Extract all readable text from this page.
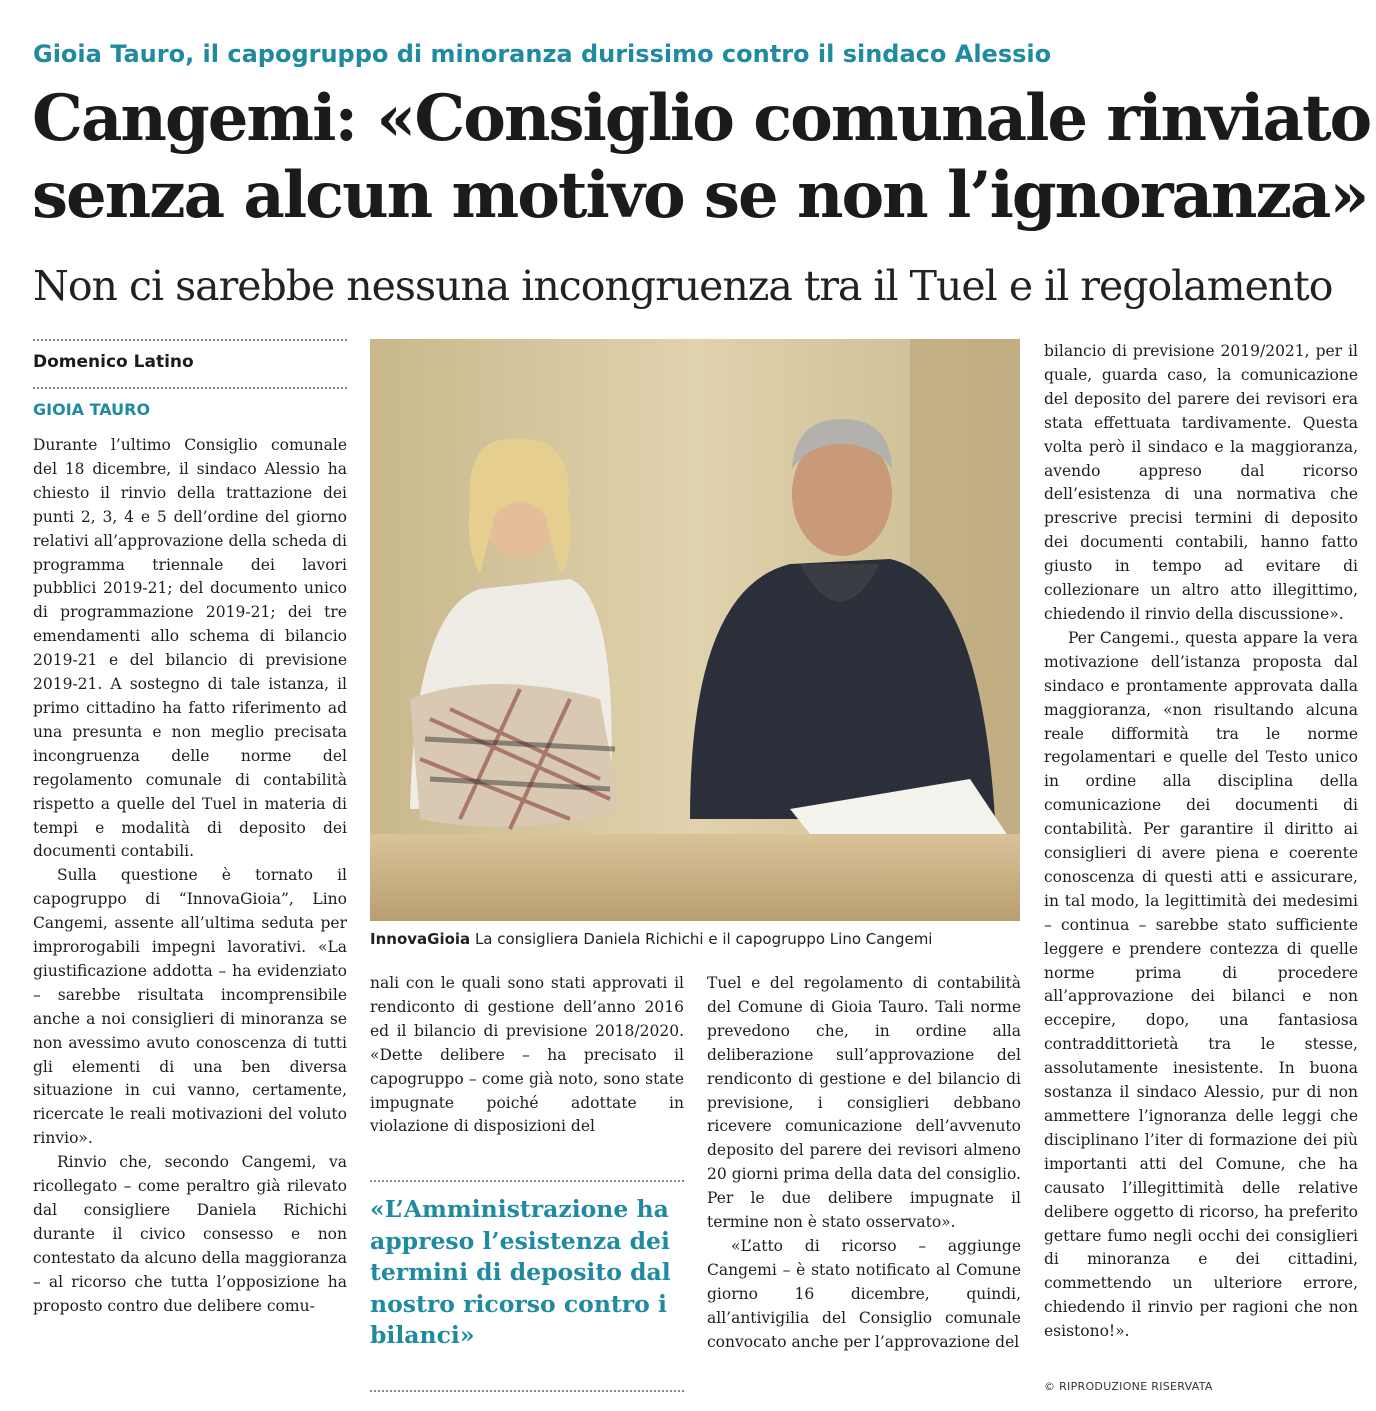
Gioia Tauro, il capogruppo di minoranza durissimo contro il sindaco Alessio
Cangemi: «Consiglio comunale rinviato
senza alcun motivo se non l’ignoranza»
Non ci sarebbe nessuna incongruenza tra il Tuel e il regolamento
Domenico Latino
GIOIA TAURO

Durante l’ultimo Consiglio comunale del 18 dicembre, il sindaco Alessio ha chiesto il rinvio della trattazione dei punti 2, 3, 4 e 5 dell’ordine del giorno relativi all’approvazione della scheda di programma triennale dei lavori pubblici 2019-21; del documento unico di programmazione 2019-21; dei tre emendamenti allo schema di bilancio 2019-21 e del bilancio di previsione 2019-21. A sostegno di tale istanza, il primo cittadino ha fatto riferimento ad una presunta e non meglio precisata incongruenza delle norme del regolamento comunale di contabilità rispetto a quelle del Tuel in materia di tempi e modalità di deposito dei documenti contabili.

Sulla questione è tornato il capogruppo di “InnovaGioia”, Lino Cangemi, assente all’ultima seduta per improrogabili impegni lavorativi. «La giustificazione addotta – ha evidenziato – sarebbe risultata incomprensibile anche a noi consiglieri di minoranza se non avessimo avuto conoscenza di tutti gli elementi di una ben diversa situazione in cui vanno, certamente, ricercate le reali motivazioni del voluto rinvio».

Rinvio che, secondo Cangemi, va ricollegato – come peraltro già rilevato dal consigliere Daniela Richichi durante il civico consesso e non contestato da alcuno della maggioranza – al ricorso che tutta l’opposizione ha proposto contro due delibere comu-

InnovaGioia La consigliera Daniela Richichi e il capogruppo Lino Cangemi

nali con le quali sono stati approvati il rendiconto di gestione dell’anno 2016 ed il bilancio di previsione 2018/2020. «Dette delibere – ha precisato il capogruppo – come già noto, sono state impugnate poiché adottate in violazione di disposizioni del

«L’Amministrazione ha appreso l’esistenza dei termini di deposito dal nostro ricorso contro i bilanci»

Tuel e del regolamento di contabilità del Comune di Gioia Tauro. Tali norme prevedono che, in ordine alla deliberazione sull’approvazione del rendiconto di gestione e del bilancio di previsione, i consiglieri debbano ricevere comunicazione dell’avvenuto deposito del parere dei revisori almeno 20 giorni prima della data del consiglio. Per le due delibere impugnate il termine non è stato osservato».

«L’atto di ricorso – aggiunge Cangemi – è stato notificato al Comune giorno 16 dicembre, quindi, all’antivigilia del Consiglio comunale convocato anche per l’approvazione del

bilancio di previsione 2019/2021, per il quale, guarda caso, la comunicazione del deposito del parere dei revisori era stata effettuata tardivamente. Questa volta però il sindaco e la maggioranza, avendo appreso dal ricorso dell’esistenza di una normativa che prescrive precisi termini di deposito dei documenti contabili, hanno fatto giusto in tempo ad evitare di collezionare un altro atto illegittimo, chiedendo il rinvio della discussione».

Per Cangemi., questa appare la vera motivazione dell’istanza proposta dal sindaco e prontamente approvata dalla maggioranza, «non risultando alcuna reale difformità tra le norme regolamentari e quelle del Testo unico in ordine alla disciplina della comunicazione dei documenti di contabilità. Per garantire il diritto ai consiglieri di avere piena e coerente conoscenza di questi atti e assicurare, in tal modo, la legittimità dei medesimi – continua – sarebbe stato sufficiente leggere e prendere contezza di quelle norme prima di procedere all’approvazione dei bilanci e non eccepire, dopo, una fantasiosa contraddittorietà tra le stesse, assolutamente inesistente. In buona sostanza il sindaco Alessio, pur di non ammettere l’ignoranza delle leggi che disciplinano l’iter di formazione dei più importanti atti del Comune, che ha causato l’illegittimità delle relative delibere oggetto di ricorso, ha preferito gettare fumo negli occhi dei consiglieri di minoranza e dei cittadini, commettendo un ulteriore errore, chiedendo il rinvio per ragioni che non esistono!».

© RIPRODUZIONE RISERVATA
